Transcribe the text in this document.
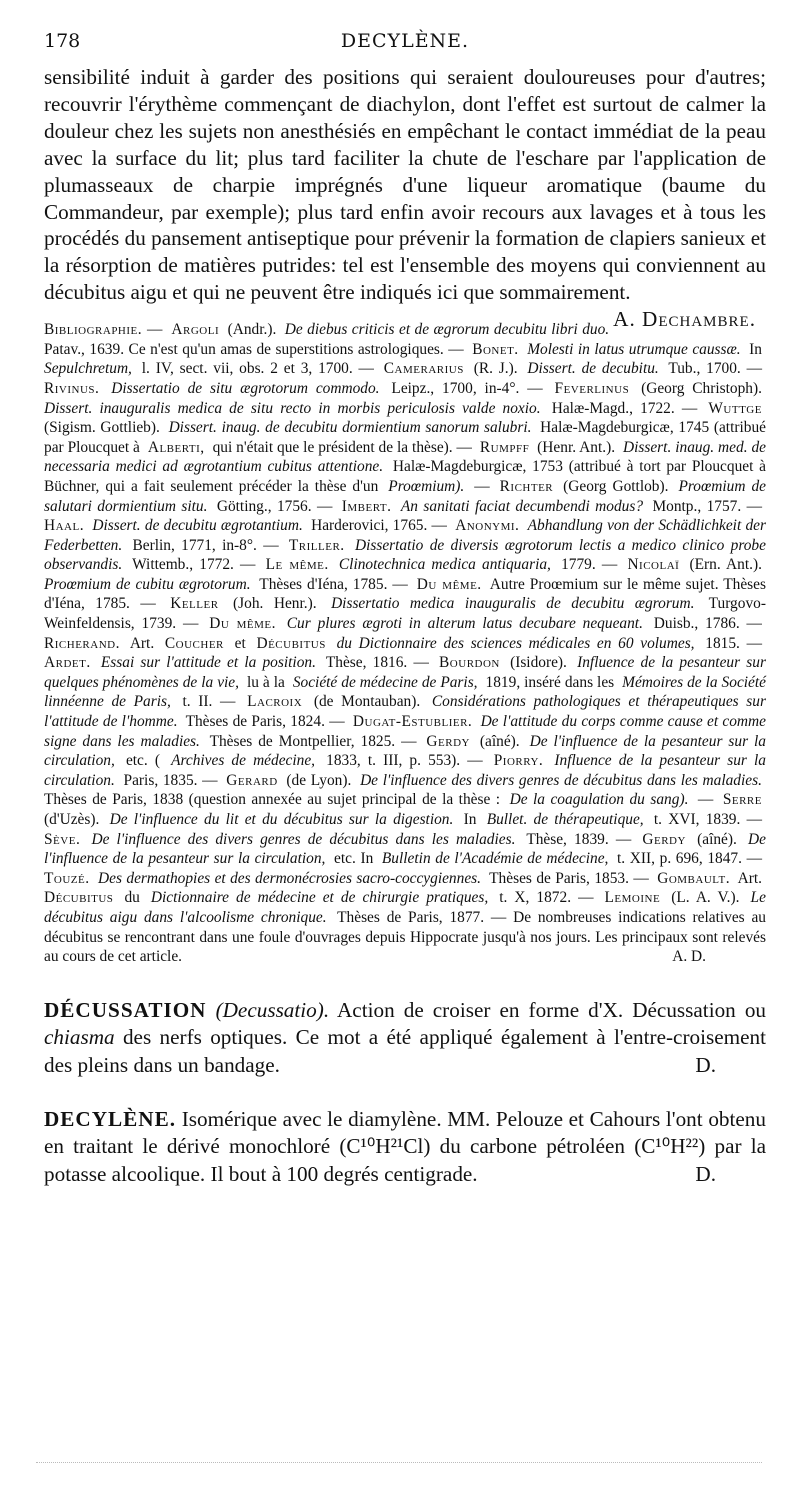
178	DECYLÈNE.
sensibilité induit à garder des positions qui seraient douloureuses pour d'autres; recouvrir l'érythème commençant de diachylon, dont l'effet est surtout de calmer la douleur chez les sujets non anesthésiés en empêchant le contact immédiat de la peau avec la surface du lit; plus tard faciliter la chute de l'eschare par l'application de plumasseaux de charpie imprégnés d'une liqueur aromatique (baume du Commandeur, par exemple); plus tard enfin avoir recours aux lavages et à tous les procédés du pansement antiseptique pour prévenir la formation de clapiers sanieux et la résorption de matières putrides: tel est l'ensemble des moyens qui conviennent au décubitus aigu et qui ne peuvent être indiqués ici que sommairement.
A. Dechambre.
Bibliographie. — Argoli (Andr.). De diebus criticis et de ægrorum decubitu libri duo. Patav., 1639. Ce n'est qu'un amas de superstitions astrologiques. — Bonet. Molesti in latus utrumque caussæ. In Sepulchretum, l. IV, sect. vii, obs. 2 et 3, 1700. — Camerarius (R. J.). Dissert. de decubitu. Tub., 1700. — Rivinus. Dissertatio de situ ægrotorum commodo. Leipz., 1700, in-4°. — Feverlinus (Georg Christoph). Dissert. inauguralis medica de situ recto in morbis periculosis valde noxio. Halæ-Magd., 1722. — Wuttge (Sigism. Gottlieb). Dissert. inaug. de decubitu dormientium sanorum salubri. Halæ-Magdeburgicæ, 1745 (attribué par Ploucquet à Alberti, qui n'était que le président de la thèse). — Rumpff (Henr. Ant.). Dissert. inaug. med. de necessaria medici ad ægrotantium cubitus attentione. Halæ-Magdeburgicæ, 1753 (attribué à tort par Ploucquet à Büchner, qui a fait seulement précéder la thèse d'un Proœmium). — Richter (Georg Gottlob). Proœmium de salutari dormientium situ. Götting., 1756. — Imbert. An sanitati faciat decumbendi modus? Montp., 1757. — Haal. Dissert. de decubitu ægrotantium. Harderovici, 1765. — Anonymi. Abhandlung von der Schädlichkeit der Federbetten. Berlin, 1771, in-8°. — Triller. Dissertatio de diversis ægrotorum lectis a medico clinico probe observandis. Wittemb., 1772. — Le même. Clinotechnica medica antiquaria, 1779. — Nicolaï (Ern. Ant.). Proœmium de cubitu ægrotorum. Thèses d'Iéna, 1785. — Du même. Autre Proœmium sur le même sujet. Thèses d'Iéna, 1785. — Keller (Joh. Henr.). Dissertatio medica inauguralis de decubitu ægrorum. Turgovo-Weinfeldensis, 1739. — Du même. Cur plures ægroti in alterum latus decubare nequeant. Duisb., 1786. — Richerand. Art. Coucher et Décubitus du Dictionnaire des sciences médicales en 60 volumes, 1815. — Ardet. Essai sur l'attitude et la position. Thèse, 1816. — Bourdon (Isidore). Influence de la pesanteur sur quelques phénomènes de la vie, lu à la Société de médecine de Paris, 1819, inséré dans les Mémoires de la Société linnéenne de Paris, t. II. — Lacroix (de Montauban). Considérations pathologiques et thérapeutiques sur l'attitude de l'homme. Thèses de Paris, 1824. — Dugat-Estublier. De l'attitude du corps comme cause et comme signe dans les maladies. Thèses de Montpellier, 1825. — Gerdy (aîné). De l'influence de la pesanteur sur la circulation, etc. ( Archives de médecine, 1833, t. III, p. 553). — Piorry. Influence de la pesanteur sur la circulation. Paris, 1835. — Gerard (de Lyon). De l'influence des divers genres de décubitus dans les maladies. Thèses de Paris, 1838 (question annexée au sujet principal de la thèse : De la coagulation du sang). — Serre (d'Uzès). De l'influence du lit et du décubitus sur la digestion. In Bullet. de thérapeutique, t. XVI, 1839. — Sève. De l'influence des divers genres de décubitus dans les maladies. Thèse, 1839. — Gerdy (aîné). De l'influence de la pesanteur sur la circulation, etc. In Bulletin de l'Académie de médecine, t. XII, p. 696, 1847. — Touzé. Des dermathopies et des dermonécrosies sacro-coccygiennes. Thèses de Paris, 1853. — Gombault. Art. Décubitus du Dictionnaire de médecine et de chirurgie pratiques, t. X, 1872. — Lemoine (L. A. V.). Le décubitus aigu dans l'alcoolisme chronique. Thèses de Paris, 1877. — De nombreuses indications relatives au décubitus se rencontrant dans une foule d'ouvrages depuis Hippocrate jusqu'à nos jours. Les principaux sont relevés au cours de cet article.	A. D.
DÉCUSSATION (Decussatio). Action de croiser en forme d'X. Décussation ou chiasma des nerfs optiques. Ce mot a été appliqué également à l'entre-croisement des pleins dans un bandage.	D.
DECYLÈNE. Isomérique avec le diamylène. MM. Pelouze et Cahours l'ont obtenu en traitant le dérivé monochloré (C¹⁰H²¹Cl) du carbone pétroléen (C¹⁰H²²) par la potasse alcoolique. Il bout à 100 degrés centigrade.	D.
